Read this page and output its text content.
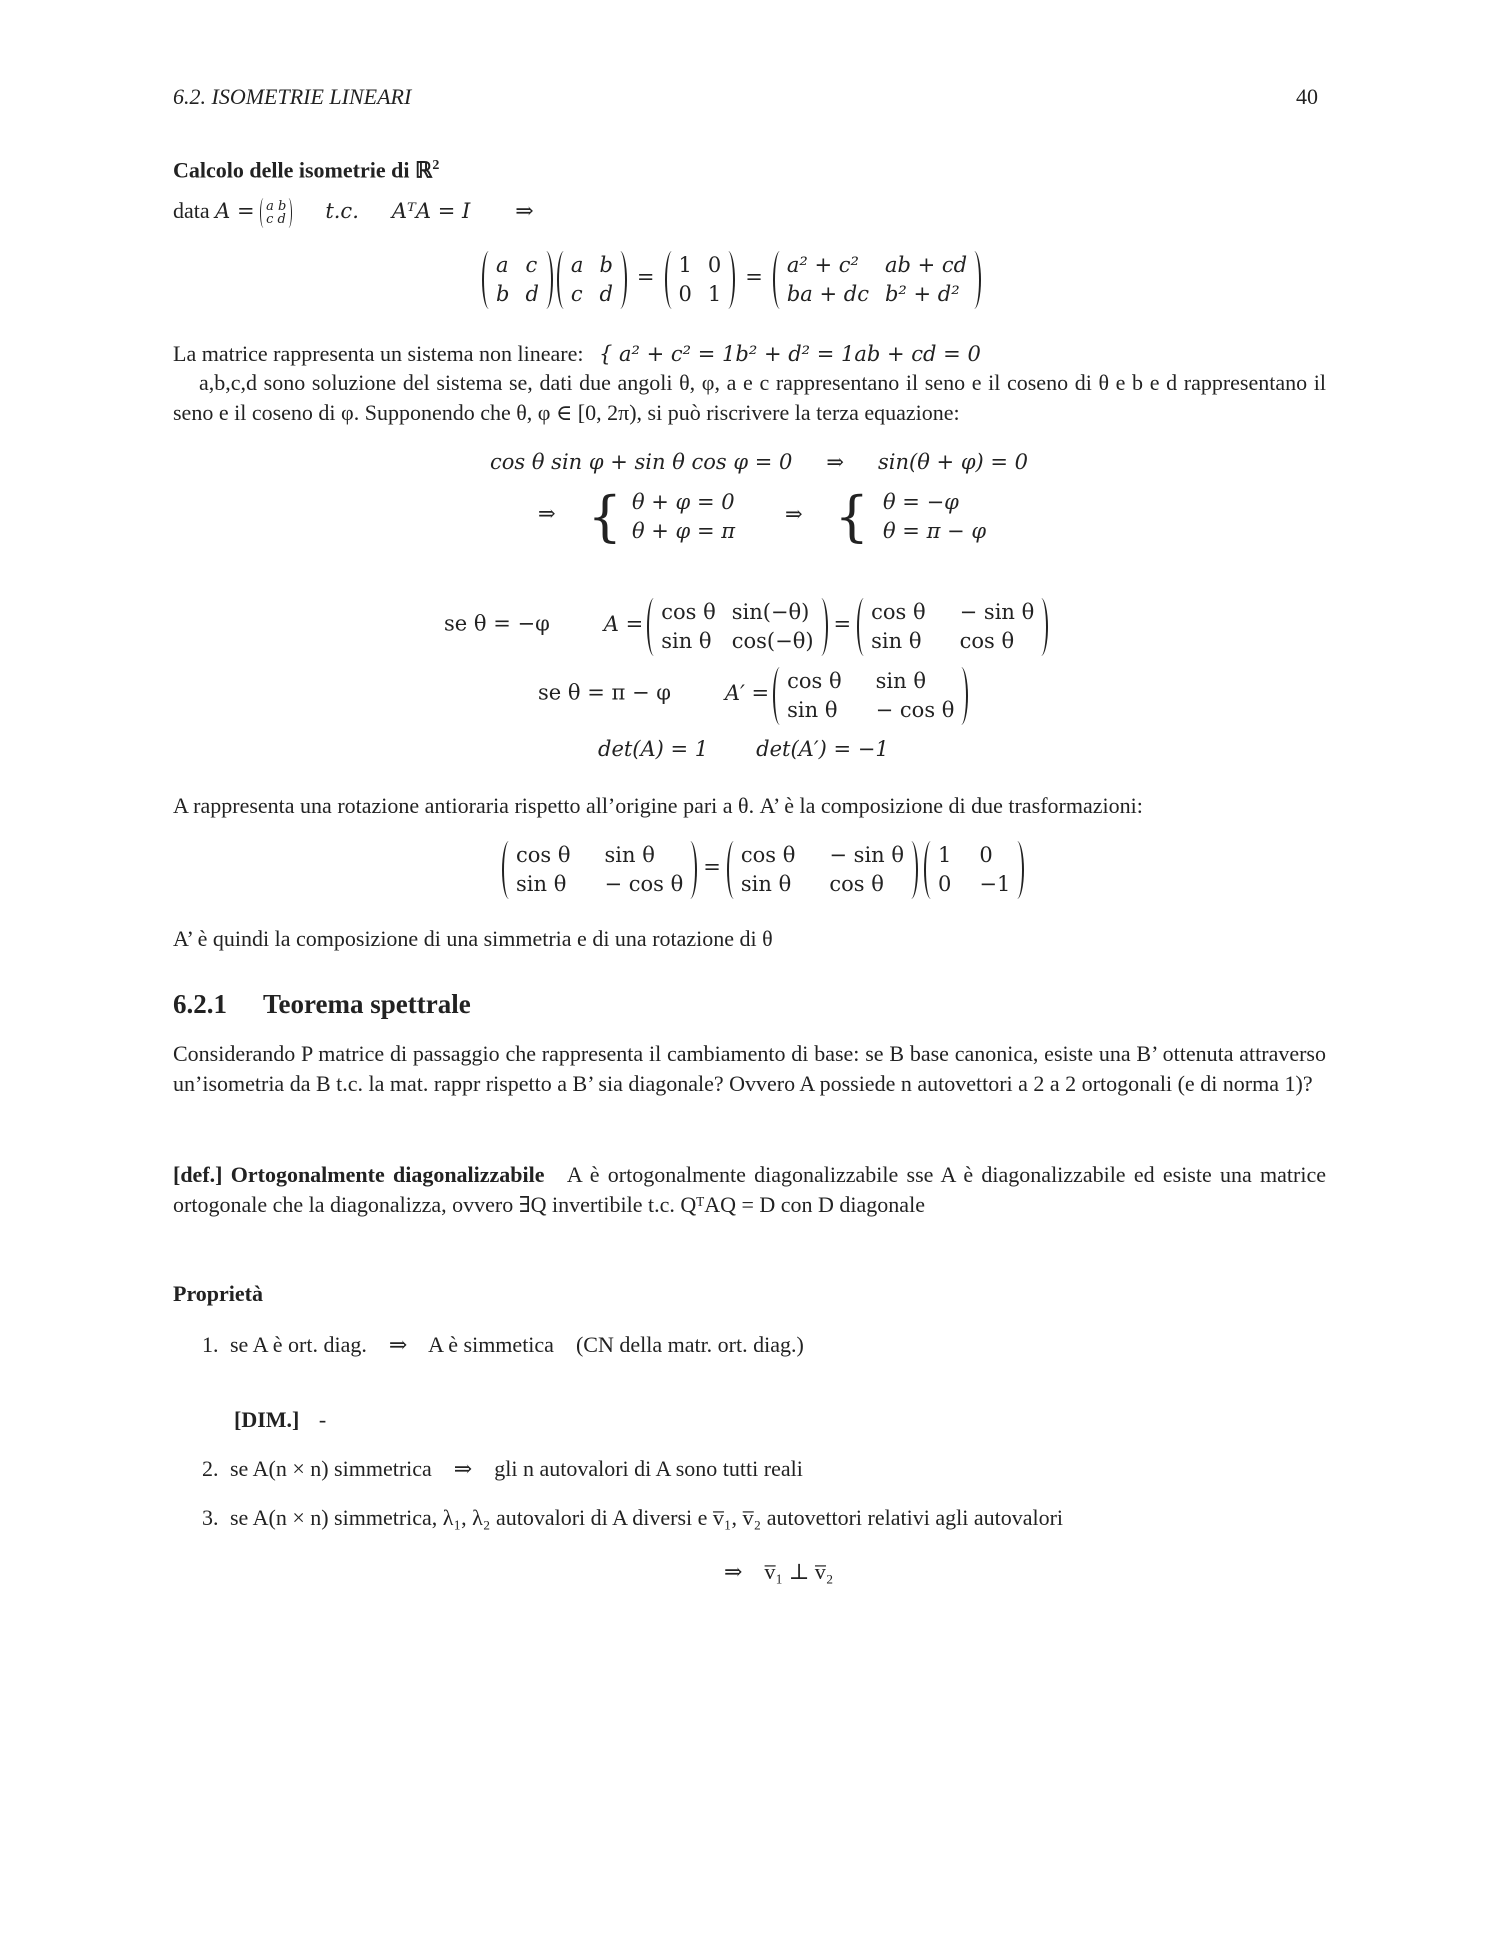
6.2. ISOMETRIE LINEARI	40
Calcolo delle isometrie di ℝ$^2$
data A = a b
c d t.c. AᵀA = I ⇒
a	c
b	d

a	b
c	d
= 1	0
0	1
= a² + c²	ab + cd
ba + dc	b² + d²
La matrice rappresenta un sistema non lineare: { a² + c² = 1b² + d² = 1ab + cd = 0
a,b,c,d sono soluzione del sistema se, dati due angoli θ, φ, a e c rappresentano il seno e il coseno di θ e b e d rappresentano il seno e il coseno di φ. Supponendo che θ, φ ∈ [0, 2π), si può riscrivere la terza equazione:
cos θ sin φ + sin θ cos φ = 0 ⇒ sin(θ + φ) = 0
⇒ { θ + φ = 0
θ + φ = π
⇒ { θ = −φ
θ = π − φ
se θ = −φ	A = cos θ	sin(−θ)
sin θ	cos(−θ)
= cos θ	− sin θ
sin θ	cos θ
se θ = π − φ	A′ = cos θ	sin θ
sin θ	− cos θ
det(A) = 1 det(A′) = −1
A rappresenta una rotazione antioraria rispetto all’origine pari a θ. A’ è la composizione di due trasformazioni:
cos θ	sin θ
sin θ	− cos θ
= cos θ	− sin θ
sin θ	cos θ

1	0
0	−1
A’ è quindi la composizione di una simmetria e di una rotazione di θ
6.2.1 Teorema spettrale
Considerando P matrice di passaggio che rappresenta il cambiamento di base: se B base canonica, esiste una B’ ottenuta attraverso un’isometria da B t.c. la mat. rappr rispetto a B’ sia diagonale? Ovvero A possiede n autovettori a 2 a 2 ortogonali (e di norma 1)?
[def.] Ortogonalmente diagonalizzabile A è ortogonalmente diagonalizzabile sse A è diagonalizzabile ed esiste una matrice ortogonale che la diagonalizza, ovvero ∃Q invertibile t.c. QᵀAQ = D con D diagonale
Proprietà
1. se A è ort. diag.    ⇒    A è simmetica    (CN della matr. ort. diag.)
[DIM.] -
2. se A(n × n) simmetrica    ⇒    gli n autovalori di A sono tutti reali
3. se A(n × n) simmetrica, λ₁, λ₂ autovalori di A diversi e v̅₁, v̅₂ autovettori relativi agli autovalori
⇒    v̅₁ ⊥ v̅₂
